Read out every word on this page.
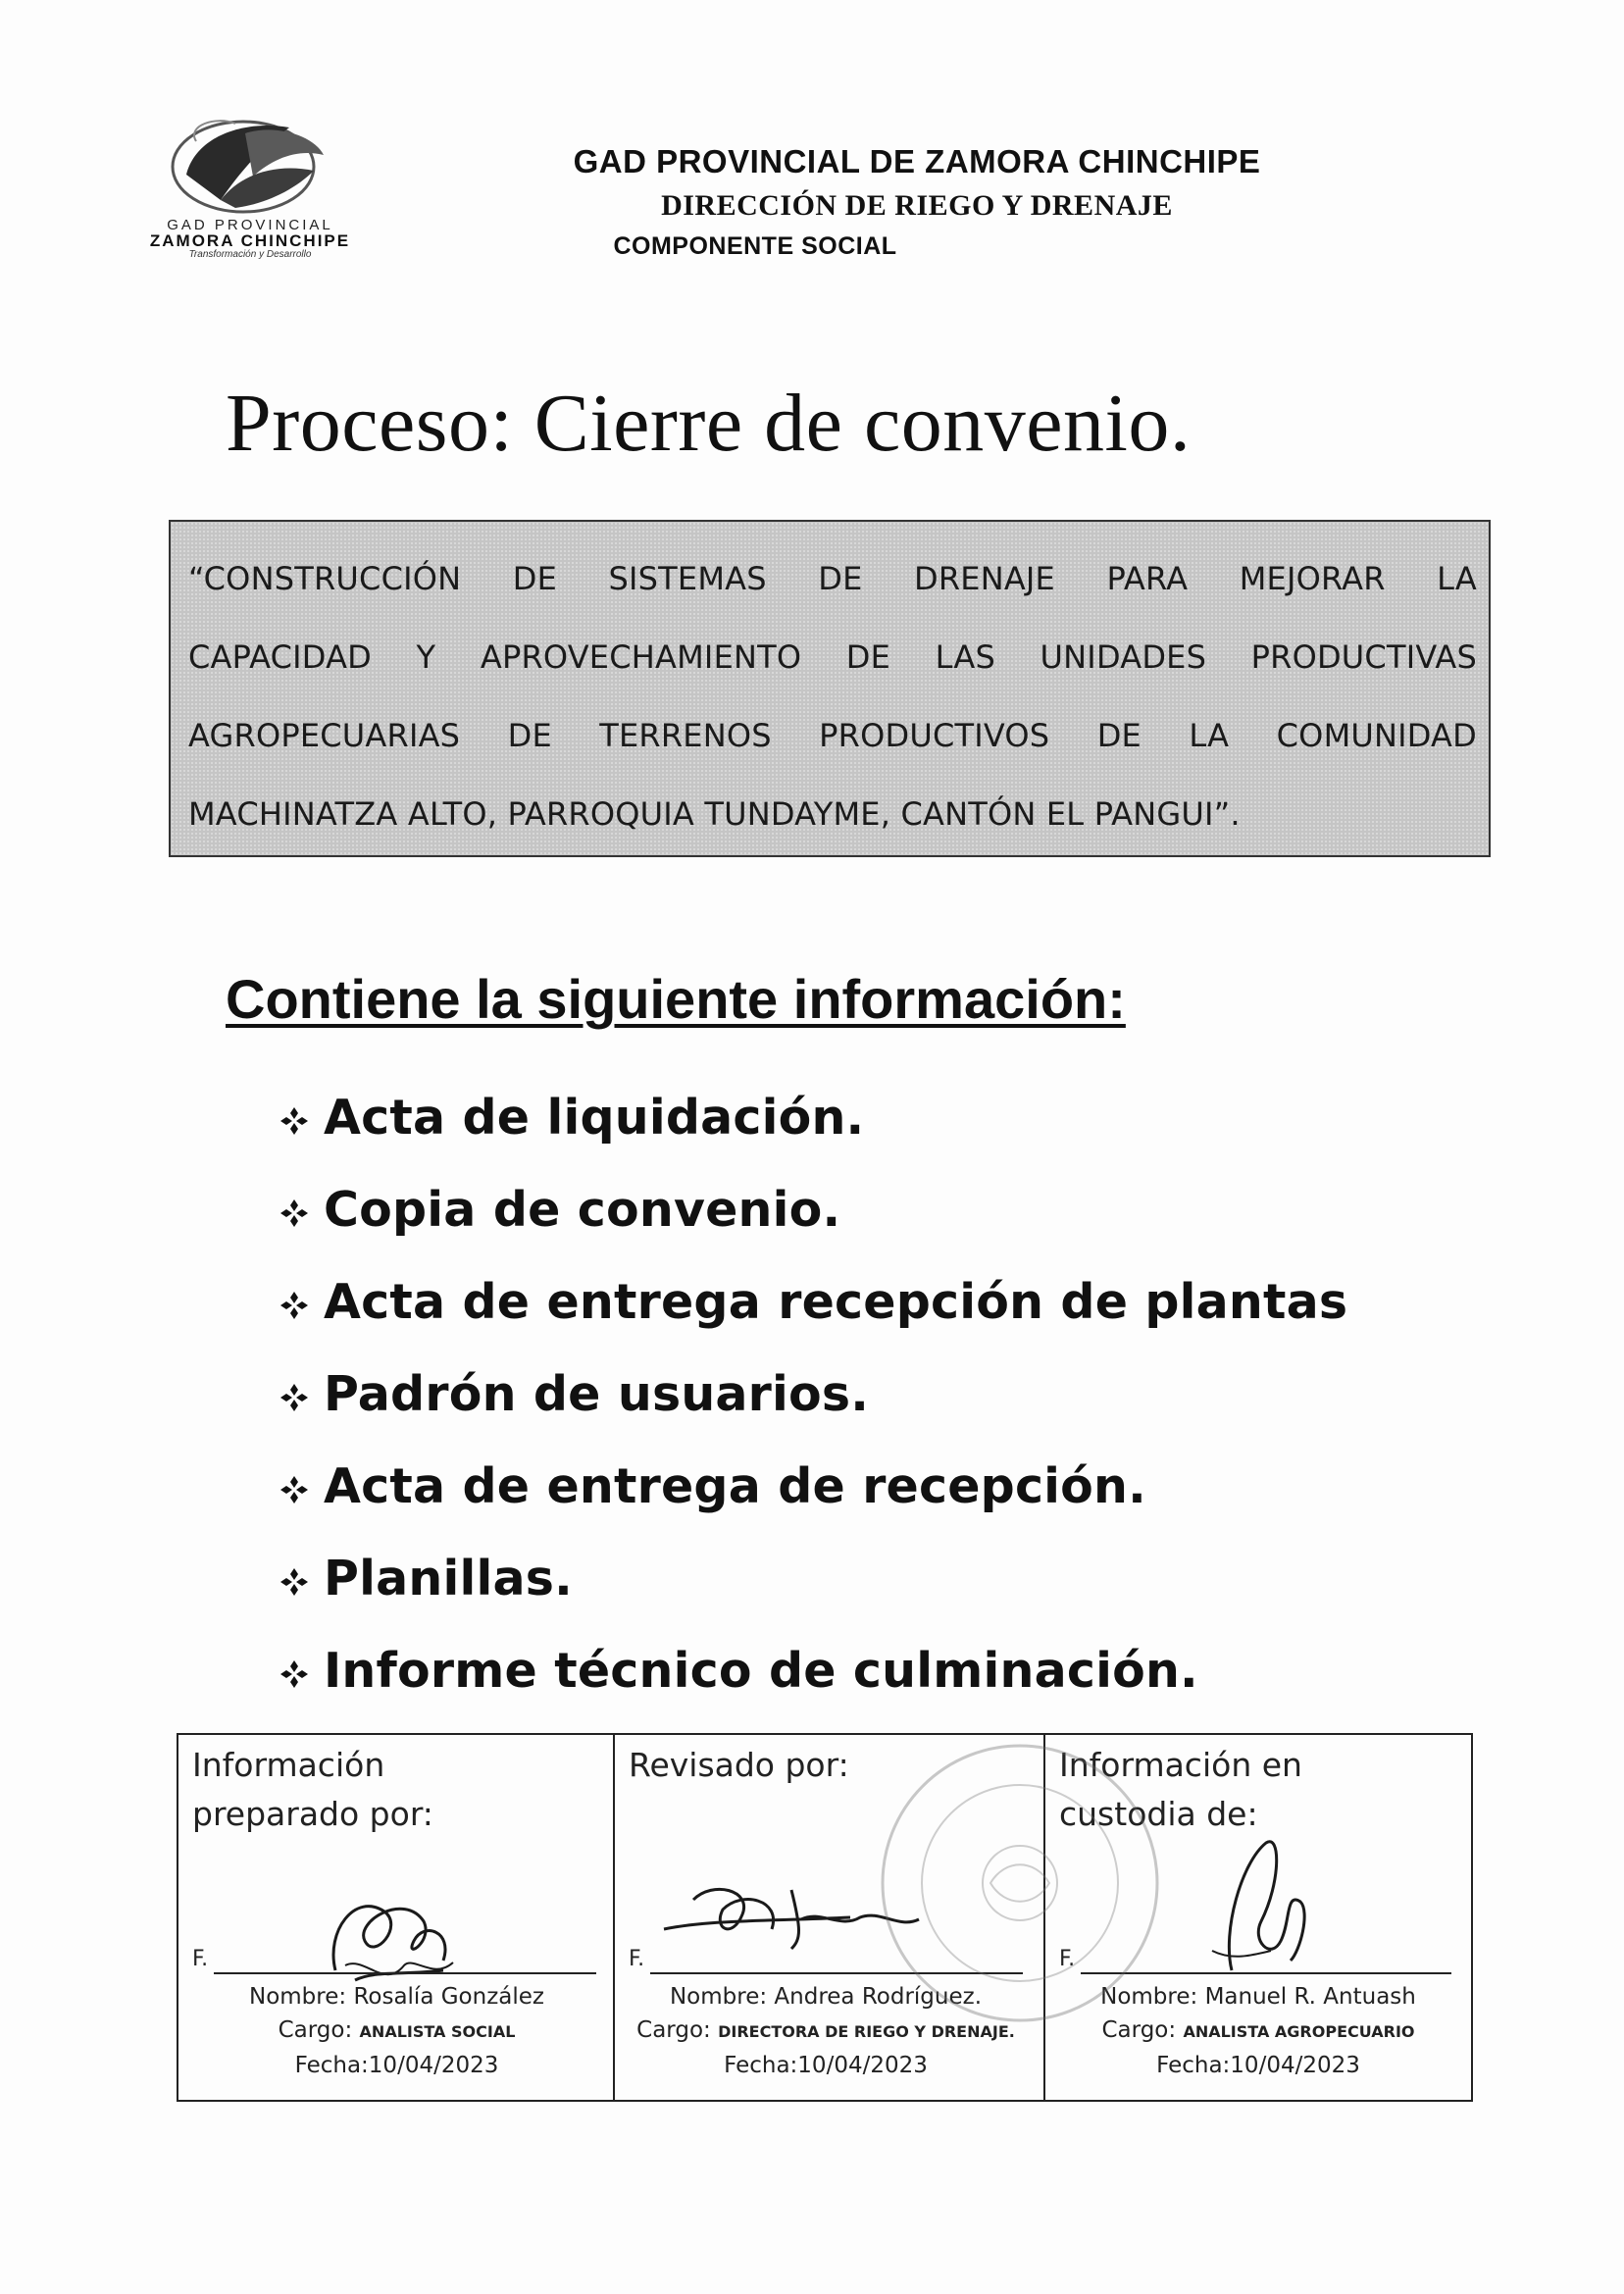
GAD PROVINCIAL
ZAMORA CHINCHIPE
Transformación y Desarrollo
GAD PROVINCIAL DE ZAMORA CHINCHIPE
DIRECCIÓN DE RIEGO Y DRENAJE
COMPONENTE SOCIAL
Proceso: Cierre de convenio.
“CONSTRUCCIÓN DE SISTEMAS DE DRENAJE PARA MEJORAR LA
CAPACIDAD Y APROVECHAMIENTO DE LAS UNIDADES PRODUCTIVAS
AGROPECUARIAS DE TERRENOS PRODUCTIVOS DE LA COMUNIDAD
MACHINATZA ALTO, PARROQUIA TUNDAYME, CANTÓN EL PANGUI”.
Contiene la siguiente información:
Acta de liquidación.
Copia de convenio.
Acta de entrega recepción de plantas
Padrón de usuarios.
Acta de entrega de recepción.
Planillas.
Informe técnico de culminación.
Información
preparado por:
F.
Nombre: Rosalía González
Cargo: ANALISTA SOCIAL
Fecha:10/04/2023
Revisado por:
F.
Nombre: Andrea Rodríguez.
Cargo: DIRECTORA DE RIEGO Y DRENAJE.
Fecha:10/04/2023
Información en
custodia de:
F.
Nombre: Manuel R. Antuash
Cargo: ANALISTA AGROPECUARIO
Fecha:10/04/2023
